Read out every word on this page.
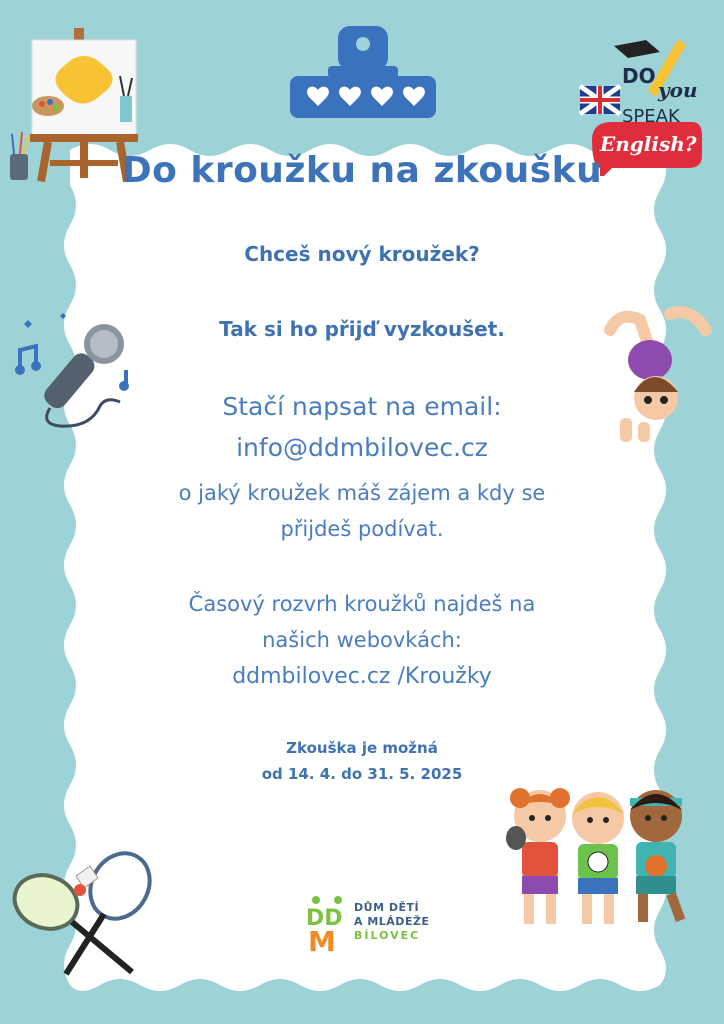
DO
you
SPEAK
English?
Do kroužku na zkoušku

Chceš nový kroužek?

Tak si ho přijď vyzkoušet.

Stačí napsat na email:

info@ddmbilovec.cz

o jaký kroužek máš zájem a kdy se

přijdeš podívat.

Časový rozvrh kroužků najdeš na

našich webovkách:

ddmbilovec.cz /Kroužky

Zkouška je možná

od 14. 4. do 31. 5. 2025

DD
M
DŮM DĚTÍ
A MLÁDEŽE
BÍLOVEC
